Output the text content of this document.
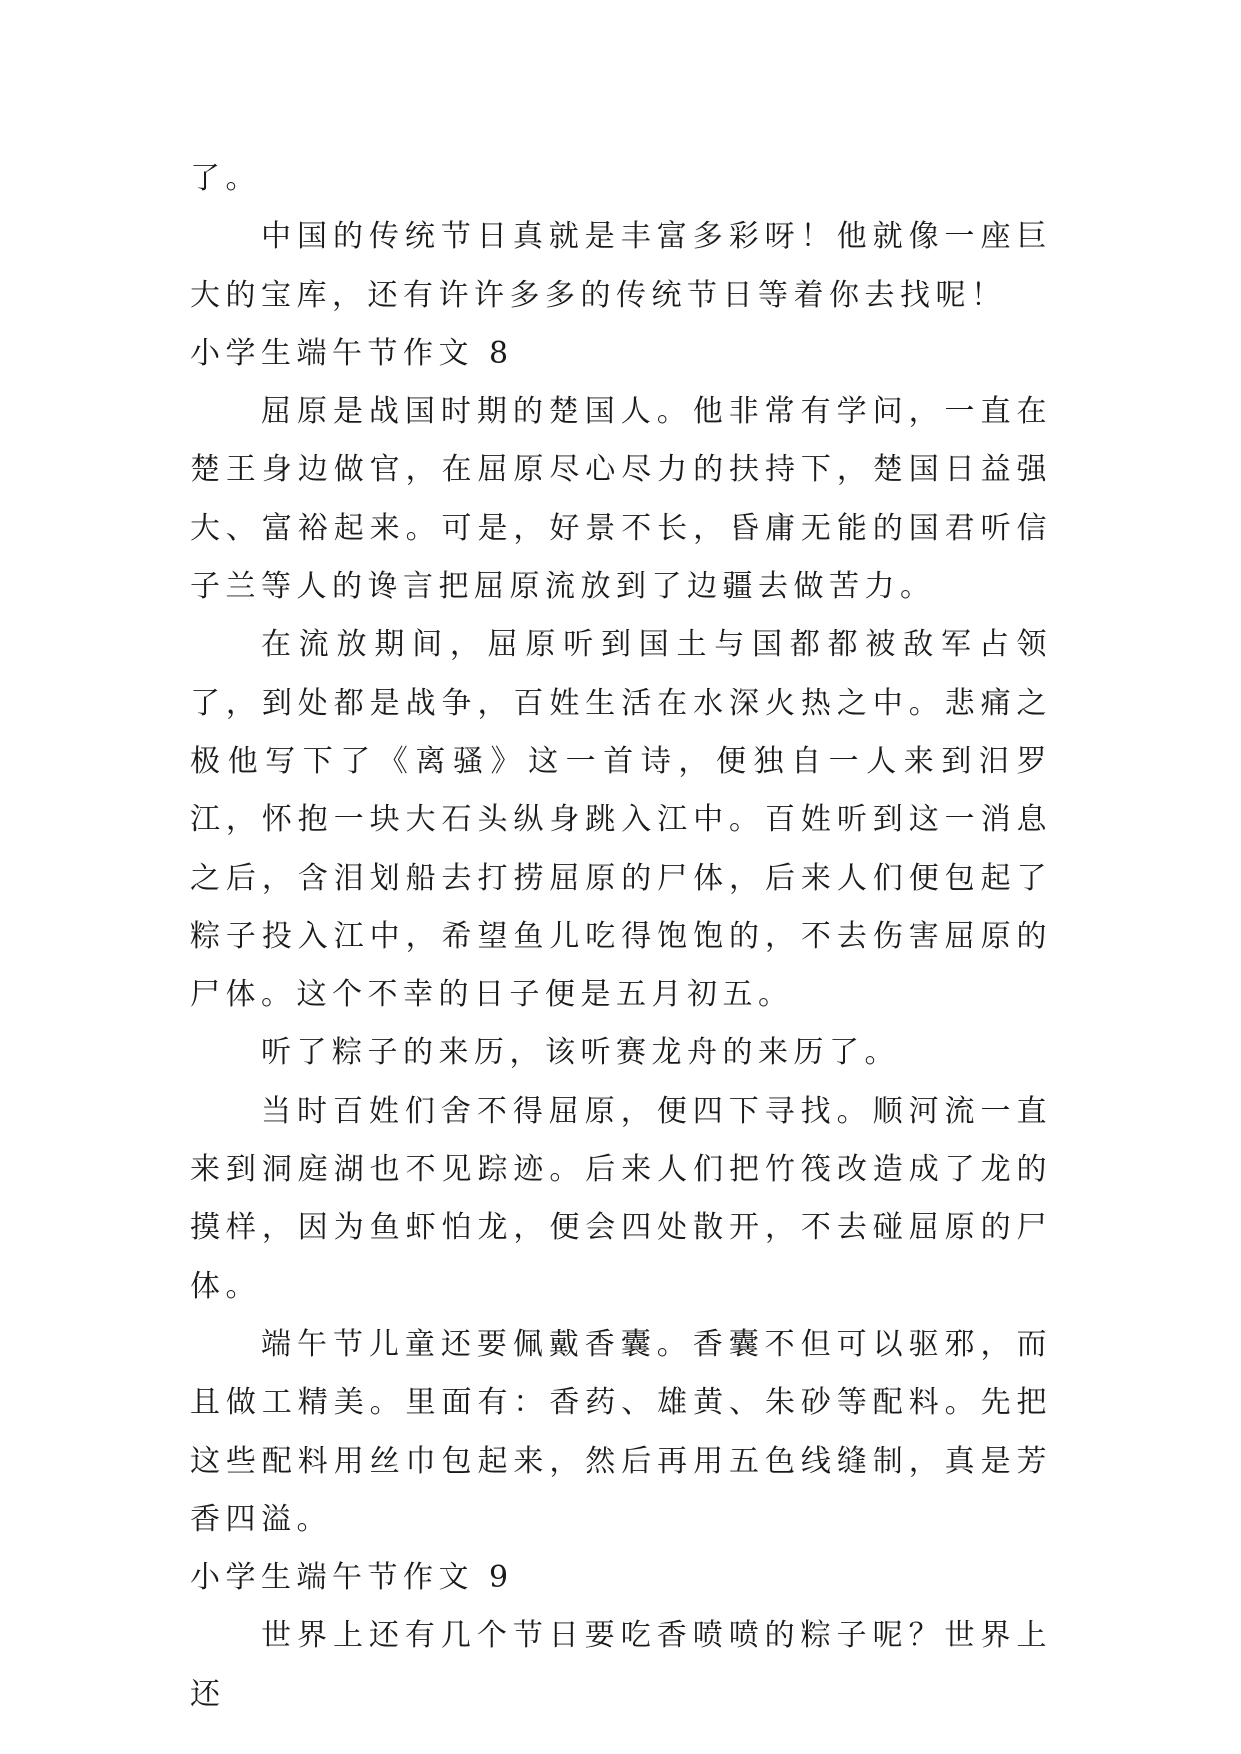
了。

中国的传统节日真就是丰富多彩呀！他就像一座巨大的宝库，还有许许多多的传统节日等着你去找呢！

小学生端午节作文 8

屈原是战国时期的楚国人。他非常有学问，一直在楚王身边做官，在屈原尽心尽力的扶持下，楚国日益强大、富裕起来。可是，好景不长，昏庸无能的国君听信子兰等人的谗言把屈原流放到了边疆去做苦力。

在流放期间，屈原听到国土与国都都被敌军占领了，到处都是战争，百姓生活在水深火热之中。悲痛之极他写下了《离骚》这一首诗，便独自一人来到汨罗江，怀抱一块大石头纵身跳入江中。百姓听到这一消息之后，含泪划船去打捞屈原的尸体，后来人们便包起了粽子投入江中，希望鱼儿吃得饱饱的，不去伤害屈原的尸体。这个不幸的日子便是五月初五。

听了粽子的来历，该听赛龙舟的来历了。

当时百姓们舍不得屈原，便四下寻找。顺河流一直来到洞庭湖也不见踪迹。后来人们把竹筏改造成了龙的摸样，因为鱼虾怕龙，便会四处散开，不去碰屈原的尸体。

端午节儿童还要佩戴香囊。香囊不但可以驱邪，而且做工精美。里面有：香药、雄黄、朱砂等配料。先把这些配料用丝巾包起来，然后再用五色线缝制，真是芳香四溢。

小学生端午节作文 9

世界上还有几个节日要吃香喷喷的粽子呢？世界上还
